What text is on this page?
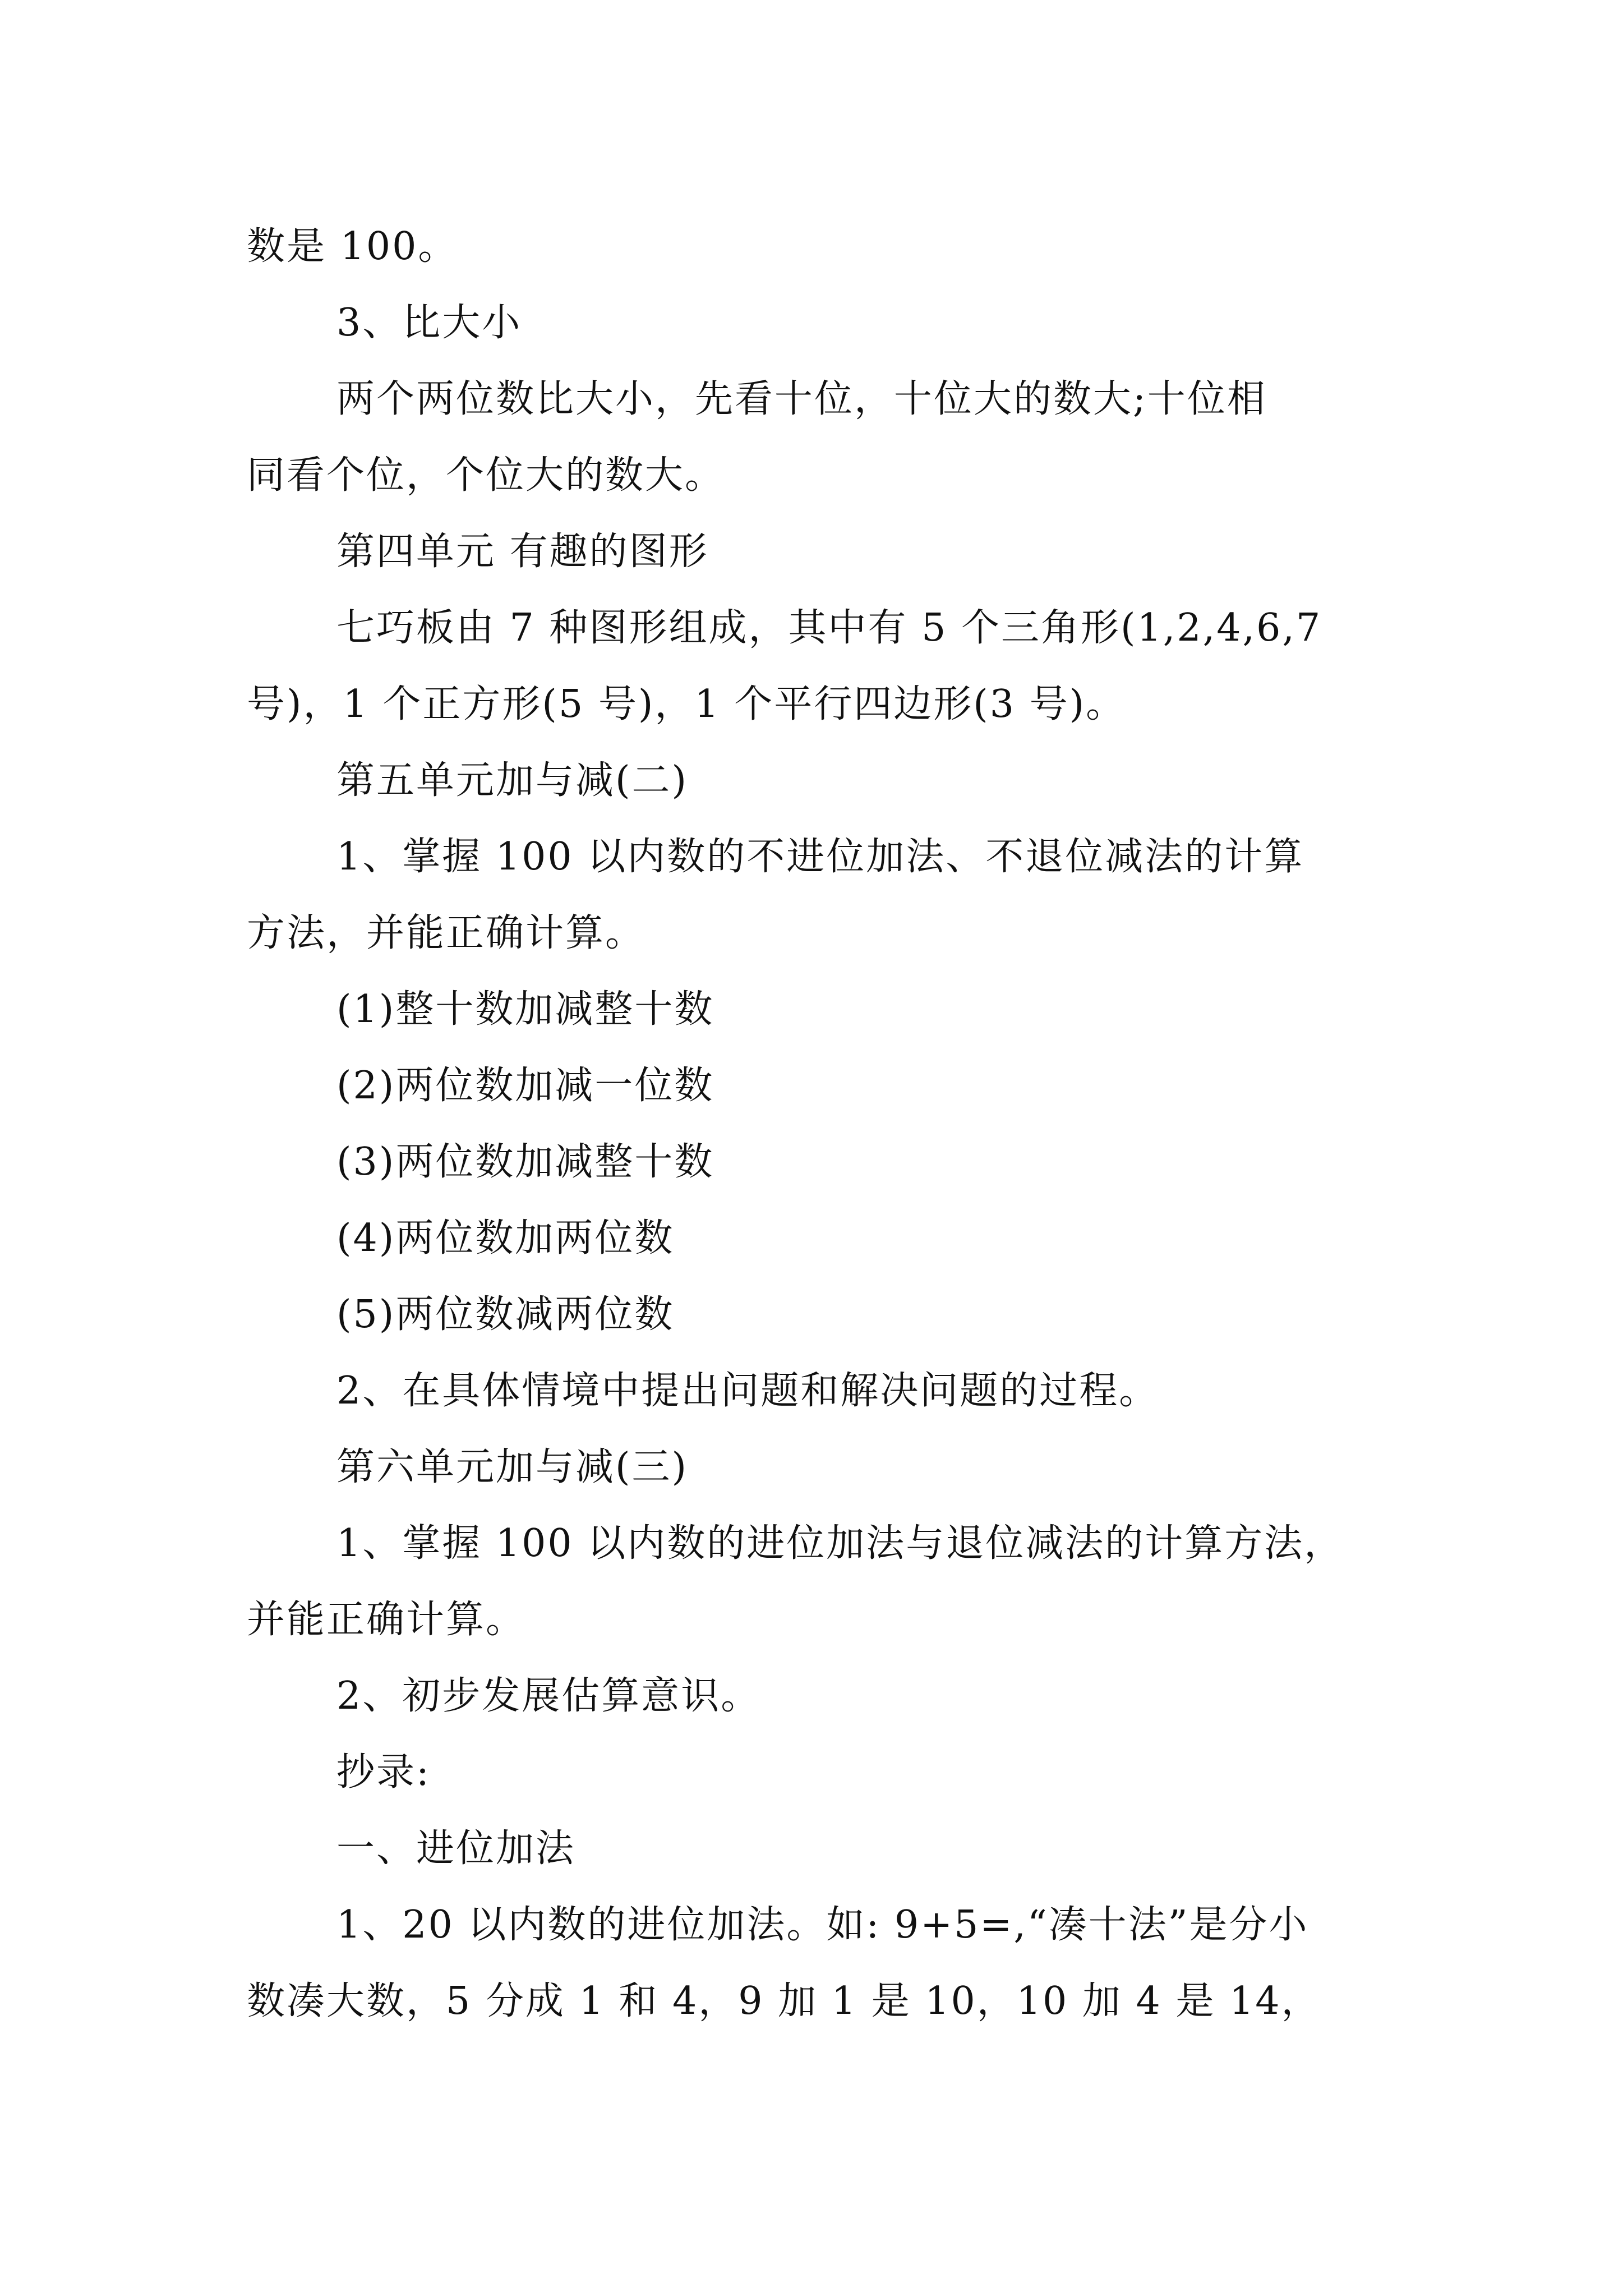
数是 100。
3、比大小
两个两位数比大小，先看十位，十位大的数大;十位相
同看个位，个位大的数大。
第四单元 有趣的图形
七巧板由 7 种图形组成，其中有 5 个三角形(1,2,4,6,7
号)，1 个正方形(5 号)，1 个平行四边形(3 号)。
第五单元加与减(二)
1、掌握 100 以内数的不进位加法、不退位减法的计算
方法，并能正确计算。
(1)整十数加减整十数
(2)两位数加减一位数
(3)两位数加减整十数
(4)两位数加两位数
(5)两位数减两位数
2、在具体情境中提出问题和解决问题的过程。
第六单元加与减(三)
1、掌握 100 以内数的进位加法与退位减法的计算方法，
并能正确计算。
2、初步发展估算意识。
抄录:
一、进位加法
1、20 以内数的进位加法。如: 9+5=,“凑十法”是分小
数凑大数，5 分成 1 和 4，9 加 1 是 10，10 加 4 是 14，
